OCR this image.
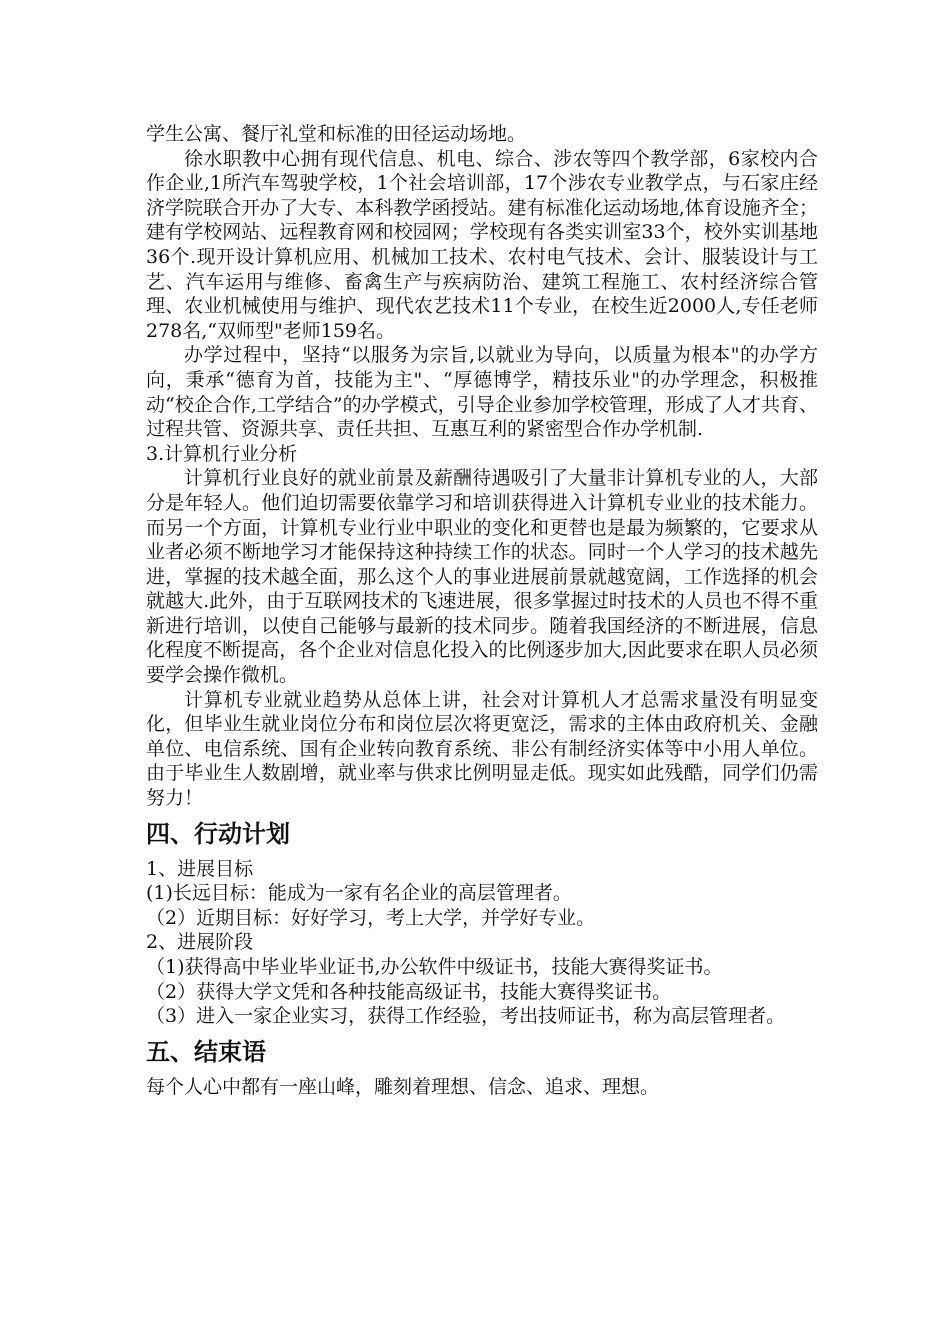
学生公寓、餐厅礼堂和标准的田径运动场地。

徐水职教中心拥有现代信息、机电、综合、涉农等四个教学部，6家校内合作企业,1所汽车驾驶学校，1个社会培训部，17个涉农专业教学点，与石家庄经济学院联合开办了大专、本科教学函授站。建有标准化运动场地,体育设施齐全；建有学校网站、远程教育网和校园网；学校现有各类实训室33个，校外实训基地36个.现开设计算机应用、机械加工技术、农村电气技术、会计、服装设计与工艺、汽车运用与维修、畜禽生产与疾病防治、建筑工程施工、农村经济综合管理、农业机械使用与维护、现代农艺技术11个专业，在校生近2000人,专任老师278名,“双师型"老师159名。

办学过程中，坚持“以服务为宗旨,以就业为导向，以质量为根本"的办学方向，秉承“德育为首，技能为主"、“厚德博学，精技乐业"的办学理念，积极推动“校企合作,工学结合”的办学模式，引导企业参加学校管理，形成了人才共育、过程共管、资源共享、责任共担、互惠互利的紧密型合作办学机制.

3.计算机行业分析

计算机行业良好的就业前景及薪酬待遇吸引了大量非计算机专业的人，大部分是年轻人。他们迫切需要依靠学习和培训获得进入计算机专业业的技术能力。而另一个方面，计算机专业行业中职业的变化和更替也是最为频繁的，它要求从业者必须不断地学习才能保持这种持续工作的状态。同时一个人学习的技术越先进，掌握的技术越全面，那么这个人的事业进展前景就越宽阔，工作选择的机会就越大.此外，由于互联网技术的飞速进展，很多掌握过时技术的人员也不得不重新进行培训，以使自己能够与最新的技术同步。随着我国经济的不断进展，信息化程度不断提高，各个企业对信息化投入的比例逐步加大,因此要求在职人员必须要学会操作微机。

计算机专业就业趋势从总体上讲，社会对计算机人才总需求量没有明显变化，但毕业生就业岗位分布和岗位层次将更宽泛，需求的主体由政府机关、金融单位、电信系统、国有企业转向教育系统、非公有制经济实体等中小用人单位。由于毕业生人数剧增，就业率与供求比例明显走低。现实如此残酷，同学们仍需努力！

四、行动计划

1、进展目标

(1)长远目标：能成为一家有名企业的高层管理者。

（2）近期目标：好好学习，考上大学，并学好专业。

2、进展阶段

（1)获得高中毕业毕业证书,办公软件中级证书，技能大赛得奖证书。

（2）获得大学文凭和各种技能高级证书，技能大赛得奖证书。

（3）进入一家企业实习，获得工作经验，考出技师证书，称为高层管理者。

五、结束语

每个人心中都有一座山峰，雕刻着理想、信念、追求、理想。
